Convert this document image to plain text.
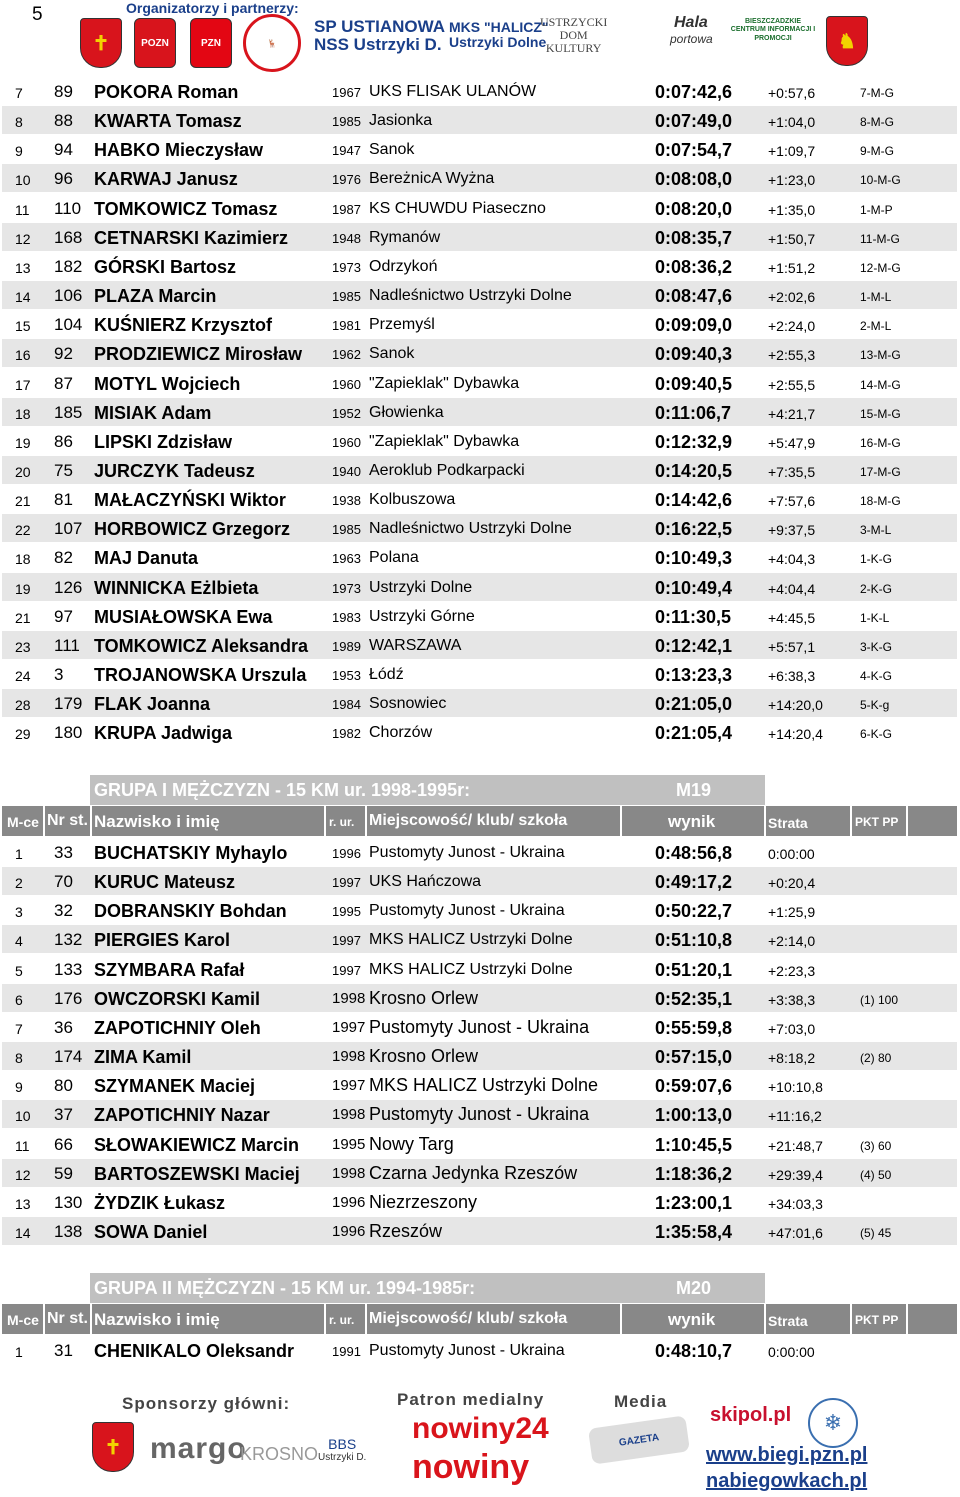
5	Organizatorzy i partnerzy:
✝	POZN	PZN	🦌
SP USTIANOWA
NSS Ustrzyki D.
MKS "HALICZ"
Ustrzyki Dolne
USTRZYCKI
DOM
KULTURY
Hala
portowa
BIESZCZADZKIE CENTRUM INFORMACJI I PROMOCJI	♞
7 89 POKORA Roman	1967 UKS FLISAK ULANÓW	0:07:42,6	+0:57,6	7-M-G
8 88 KWARTA Tomasz	1985 Jasionka	0:07:49,0	+1:04,0	8-M-G
9 94 HABKO Mieczysław	1947 Sanok	0:07:54,7	+1:09,7	9-M-G
10 96 KARWAJ Janusz	1976 BereżnicA Wyżna	0:08:08,0	+1:23,0	10-M-G
11 110 TOMKOWICZ Tomasz	1987 KS CHUWDU Piaseczno	0:08:20,0	+1:35,0	1-M-P
12 168 CETNARSKI Kazimierz	1948 Rymanów	0:08:35,7	+1:50,7	11-M-G
13 182 GÓRSKI Bartosz	1973 Odrzykoń	0:08:36,2	+1:51,2	12-M-G
14 106 PLAZA Marcin	1985 Nadleśnictwo Ustrzyki Dolne	0:08:47,6	+2:02,6	1-M-L
15 104 KUŚNIERZ Krzysztof	1981 Przemyśl	0:09:09,0	+2:24,0	2-M-L
16 92 PRODZIEWICZ Mirosław 1962 Sanok	0:09:40,3	+2:55,3	13-M-G
17 87 MOTYL Wojciech	1960 "Zapieklak" Dybawka	0:09:40,5	+2:55,5	14-M-G
18 185 MISIAK Adam	1952 Głowienka	0:11:06,7	+4:21,7	15-M-G
19 86 LIPSKI Zdzisław	1960 "Zapieklak" Dybawka	0:12:32,9	+5:47,9	16-M-G
20 75 JURCZYK Tadeusz	1940 Aeroklub Podkarpacki	0:14:20,5	+7:35,5	17-M-G
21 81 MAŁACZYŃSKI Wiktor	1938 Kolbuszowa	0:14:42,6	+7:57,6	18-M-G
22 107 HORBOWICZ Grzegorz	1985 Nadleśnictwo Ustrzyki Dolne	0:16:22,5	+9:37,5	3-M-L
18 82 MAJ Danuta	1963 Polana	0:10:49,3	+4:04,3	1-K-G
19 126 WINNICKA Eżlbieta	1973 Ustrzyki Dolne	0:10:49,4	+4:04,4	2-K-G
21 97 MUSIAŁOWSKA Ewa	1983 Ustrzyki Górne	0:11:30,5	+4:45,5	1-K-L
23 111 TOMKOWICZ Aleksandra 1989 WARSZAWA	0:12:42,1	+5:57,1	3-K-G
24 3 TROJANOWSKA Urszula 1953 Łódź	0:13:23,3	+6:38,3	4-K-G
28 179 FLAK Joanna	1984 Sosnowiec	0:21:05,0	+14:20,0	5-K-g
29 180 KRUPA Jadwiga	1982 Chorzów	0:21:05,4	+14:20,4	6-K-G
GRUPA I MĘŻCZYZN - 15 KM ur. 1998-1995r:	M19
M-ce Nr st. Nazwisko i imię	r. ur. Miejscowość/ klub/ szkoła	wynik	Strata	PKT PP
1 33 BUCHATSKIY Myhaylo	1996 Pustomyty Junost - Ukraina	0:48:56,8	0:00:00
2 70 KURUC Mateusz	1997 UKS Hańczowa	0:49:17,2	+0:20,4
3 32 DOBRANSKIY Bohdan	1995 Pustomyty Junost - Ukraina	0:50:22,7	+1:25,9
4 132 PIERGIES Karol	1997 MKS HALICZ Ustrzyki Dolne	0:51:10,8	+2:14,0
5 133 SZYMBARA Rafał	1997 MKS HALICZ Ustrzyki Dolne	0:51:20,1	+2:23,3
6 176 OWCZORSKI Kamil	1998 Krosno Orlew	0:52:35,1	+3:38,3	(1) 100
7 36 ZAPOTICHNIY Oleh	1997 Pustomyty Junost - Ukraina	0:55:59,8	+7:03,0
8 174 ZIMA Kamil	1998 Krosno Orlew	0:57:15,0	+8:18,2	(2) 80
9 80 SZYMANEK Maciej	1997 MKS HALICZ Ustrzyki Dolne	0:59:07,6	+10:10,8
10 37 ZAPOTICHNIY Nazar	1998 Pustomyty Junost - Ukraina	1:00:13,0	+11:16,2
11 66 SŁOWAKIEWICZ Marcin 1995 Nowy Targ	1:10:45,5	+21:48,7	(3) 60
12 59 BARTOSZEWSKI Maciej 1998 Czarna Jedynka Rzeszów	1:18:36,2	+29:39,4	(4) 50
13 130 ŻYDZIK Łukasz	1996 Niezrzeszony	1:23:00,1	+34:03,3
14 138 SOWA Daniel	1996 Rzeszów	1:35:58,4	+47:01,6	(5) 45
GRUPA II MĘŻCZYZN - 15 KM ur. 1994-1985r:	M20
M-ce Nr st. Nazwisko i imię	r. ur. Miejscowość/ klub/ szkoła	wynik	Strata	PKT PP
1 31 CHENIKALO Oleksandr	1991 Pustomyty Junost - Ukraina	0:48:10,7	0:00:00
Sponsorzy główni:	Patron medialny	Media
✝ margo
KROSNO BBS
Ustrzyki D.
nowiny24
nowiny
GAZETA
skipol.pl	❄
www.biegi.pzn.pl
nabiegowkach.pl
